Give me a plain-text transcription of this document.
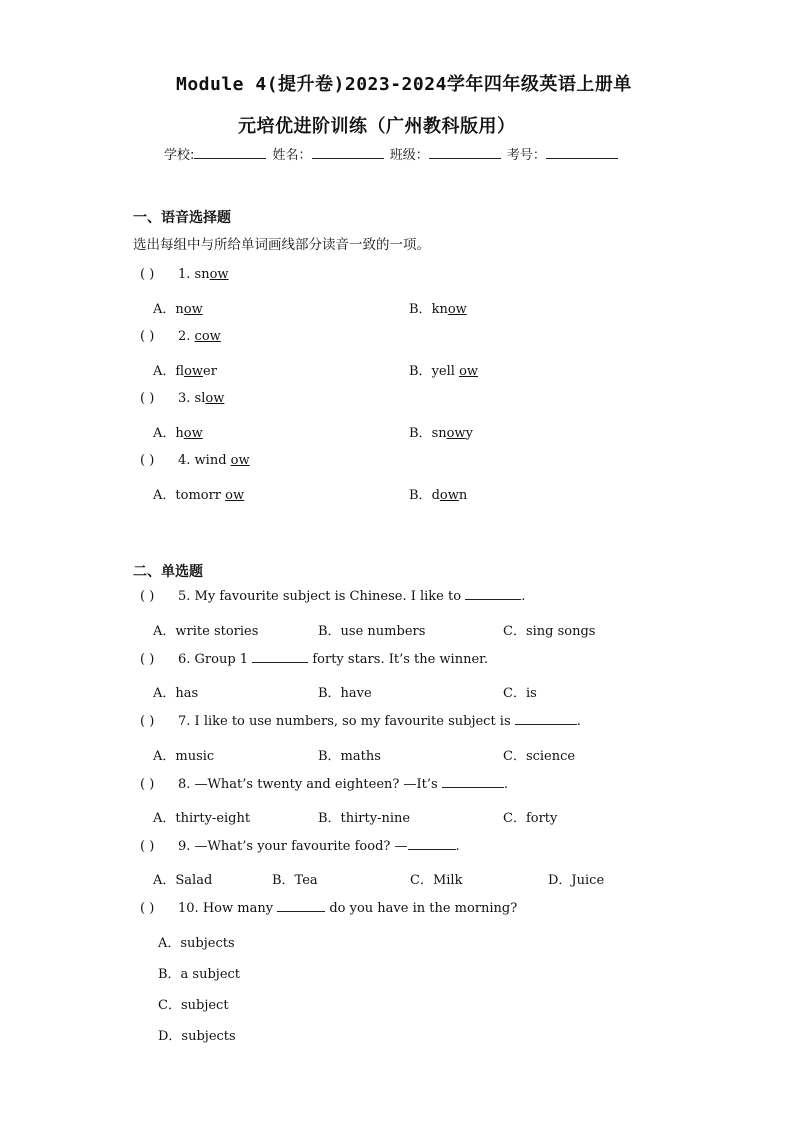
Module 4(提升卷)2023-2024学年四年级英语上册单
元培优进阶训练（广州教科版用）
学校:	姓名：	班级：	考号：
一、语音选择题
选出每组中与所给单词画线部分读音一致的一项。
( ) 1. snow
A．now	B．know
( ) 2. cow
A．flower	B．yell ow
( ) 3. slow
A．how	B．snowy
( ) 4. wind ow
A．tomorr ow	B．down
二、单选题
( ) 5. My favourite subject is Chinese. I like to	.
A．write stories	B．use numbers	C．sing songs
( ) 6. Group 1	forty stars. It’s the winner.
A．has	B．have	C．is
( ) 7. I like to use numbers, so my favourite subject is	.
A．music	B．maths	C．science
( ) 8. —What’s twenty and eighteen? —It’s	.
A．thirty-eight	B．thirty-nine	C．forty
( ) 9. —What’s your favourite food? —	.
A．Salad	B．Tea	C．Milk	D．Juice
( ) 10. How many	do you have in the morning?
A．subjects
B．a subject
C．subject
D．subjects
